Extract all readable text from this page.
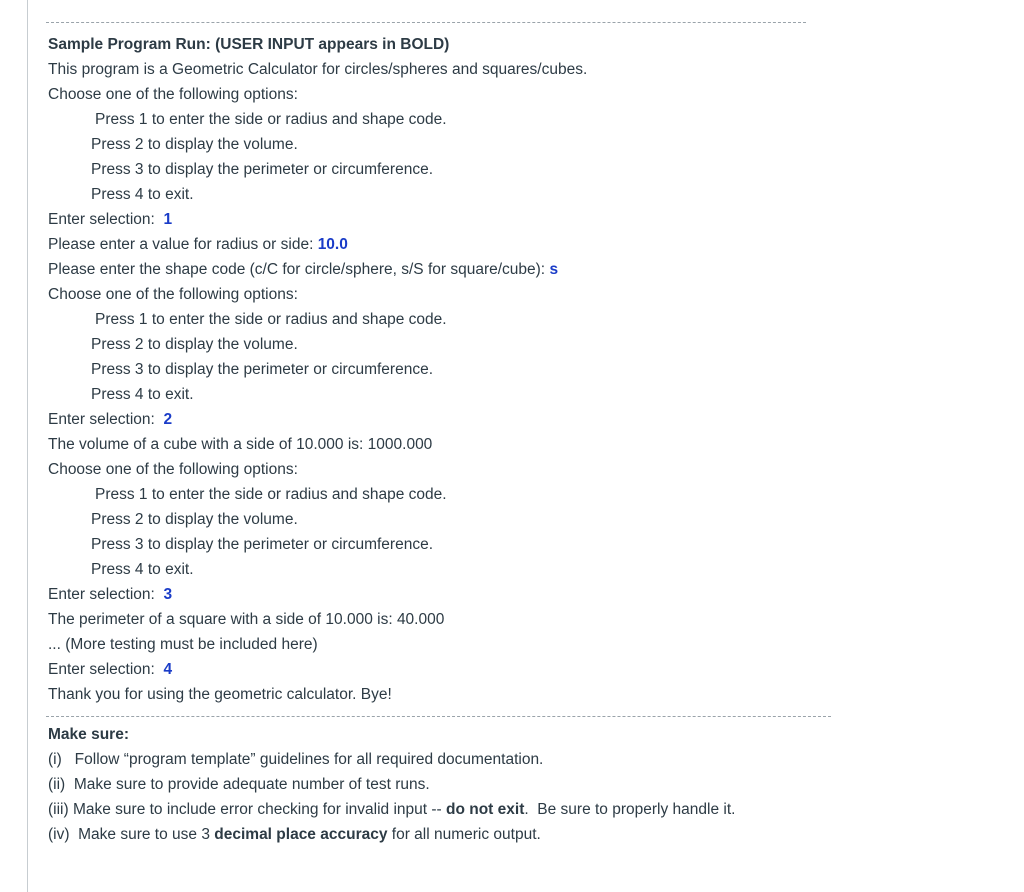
Sample Program Run: (USER INPUT appears in BOLD)
This program is a Geometric Calculator for circles/spheres and squares/cubes.
Choose one of the following options:
Press 1 to enter the side or radius and shape code.
Press 2 to display the volume.
Press 3 to display the perimeter or circumference.
Press 4 to exit.
Enter selection: 1
Please enter a value for radius or side: 10.0
Please enter the shape code (c/C for circle/sphere, s/S for square/cube): s
Choose one of the following options:
Press 1 to enter the side or radius and shape code.
Press 2 to display the volume.
Press 3 to display the perimeter or circumference.
Press 4 to exit.
Enter selection: 2
The volume of a cube with a side of 10.000 is: 1000.000
Choose one of the following options:
Press 1 to enter the side or radius and shape code.
Press 2 to display the volume.
Press 3 to display the perimeter or circumference.
Press 4 to exit.
Enter selection: 3
The perimeter of a square with a side of 10.000 is: 40.000
... (More testing must be included here)
Enter selection: 4
Thank you for using the geometric calculator. Bye!
Make sure:
(i)   Follow “program template” guidelines for all required documentation.
(ii)  Make sure to provide adequate number of test runs.
(iii) Make sure to include error checking for invalid input -- do not exit.  Be sure to properly handle it.
(iv)  Make sure to use 3 decimal place accuracy for all numeric output.
